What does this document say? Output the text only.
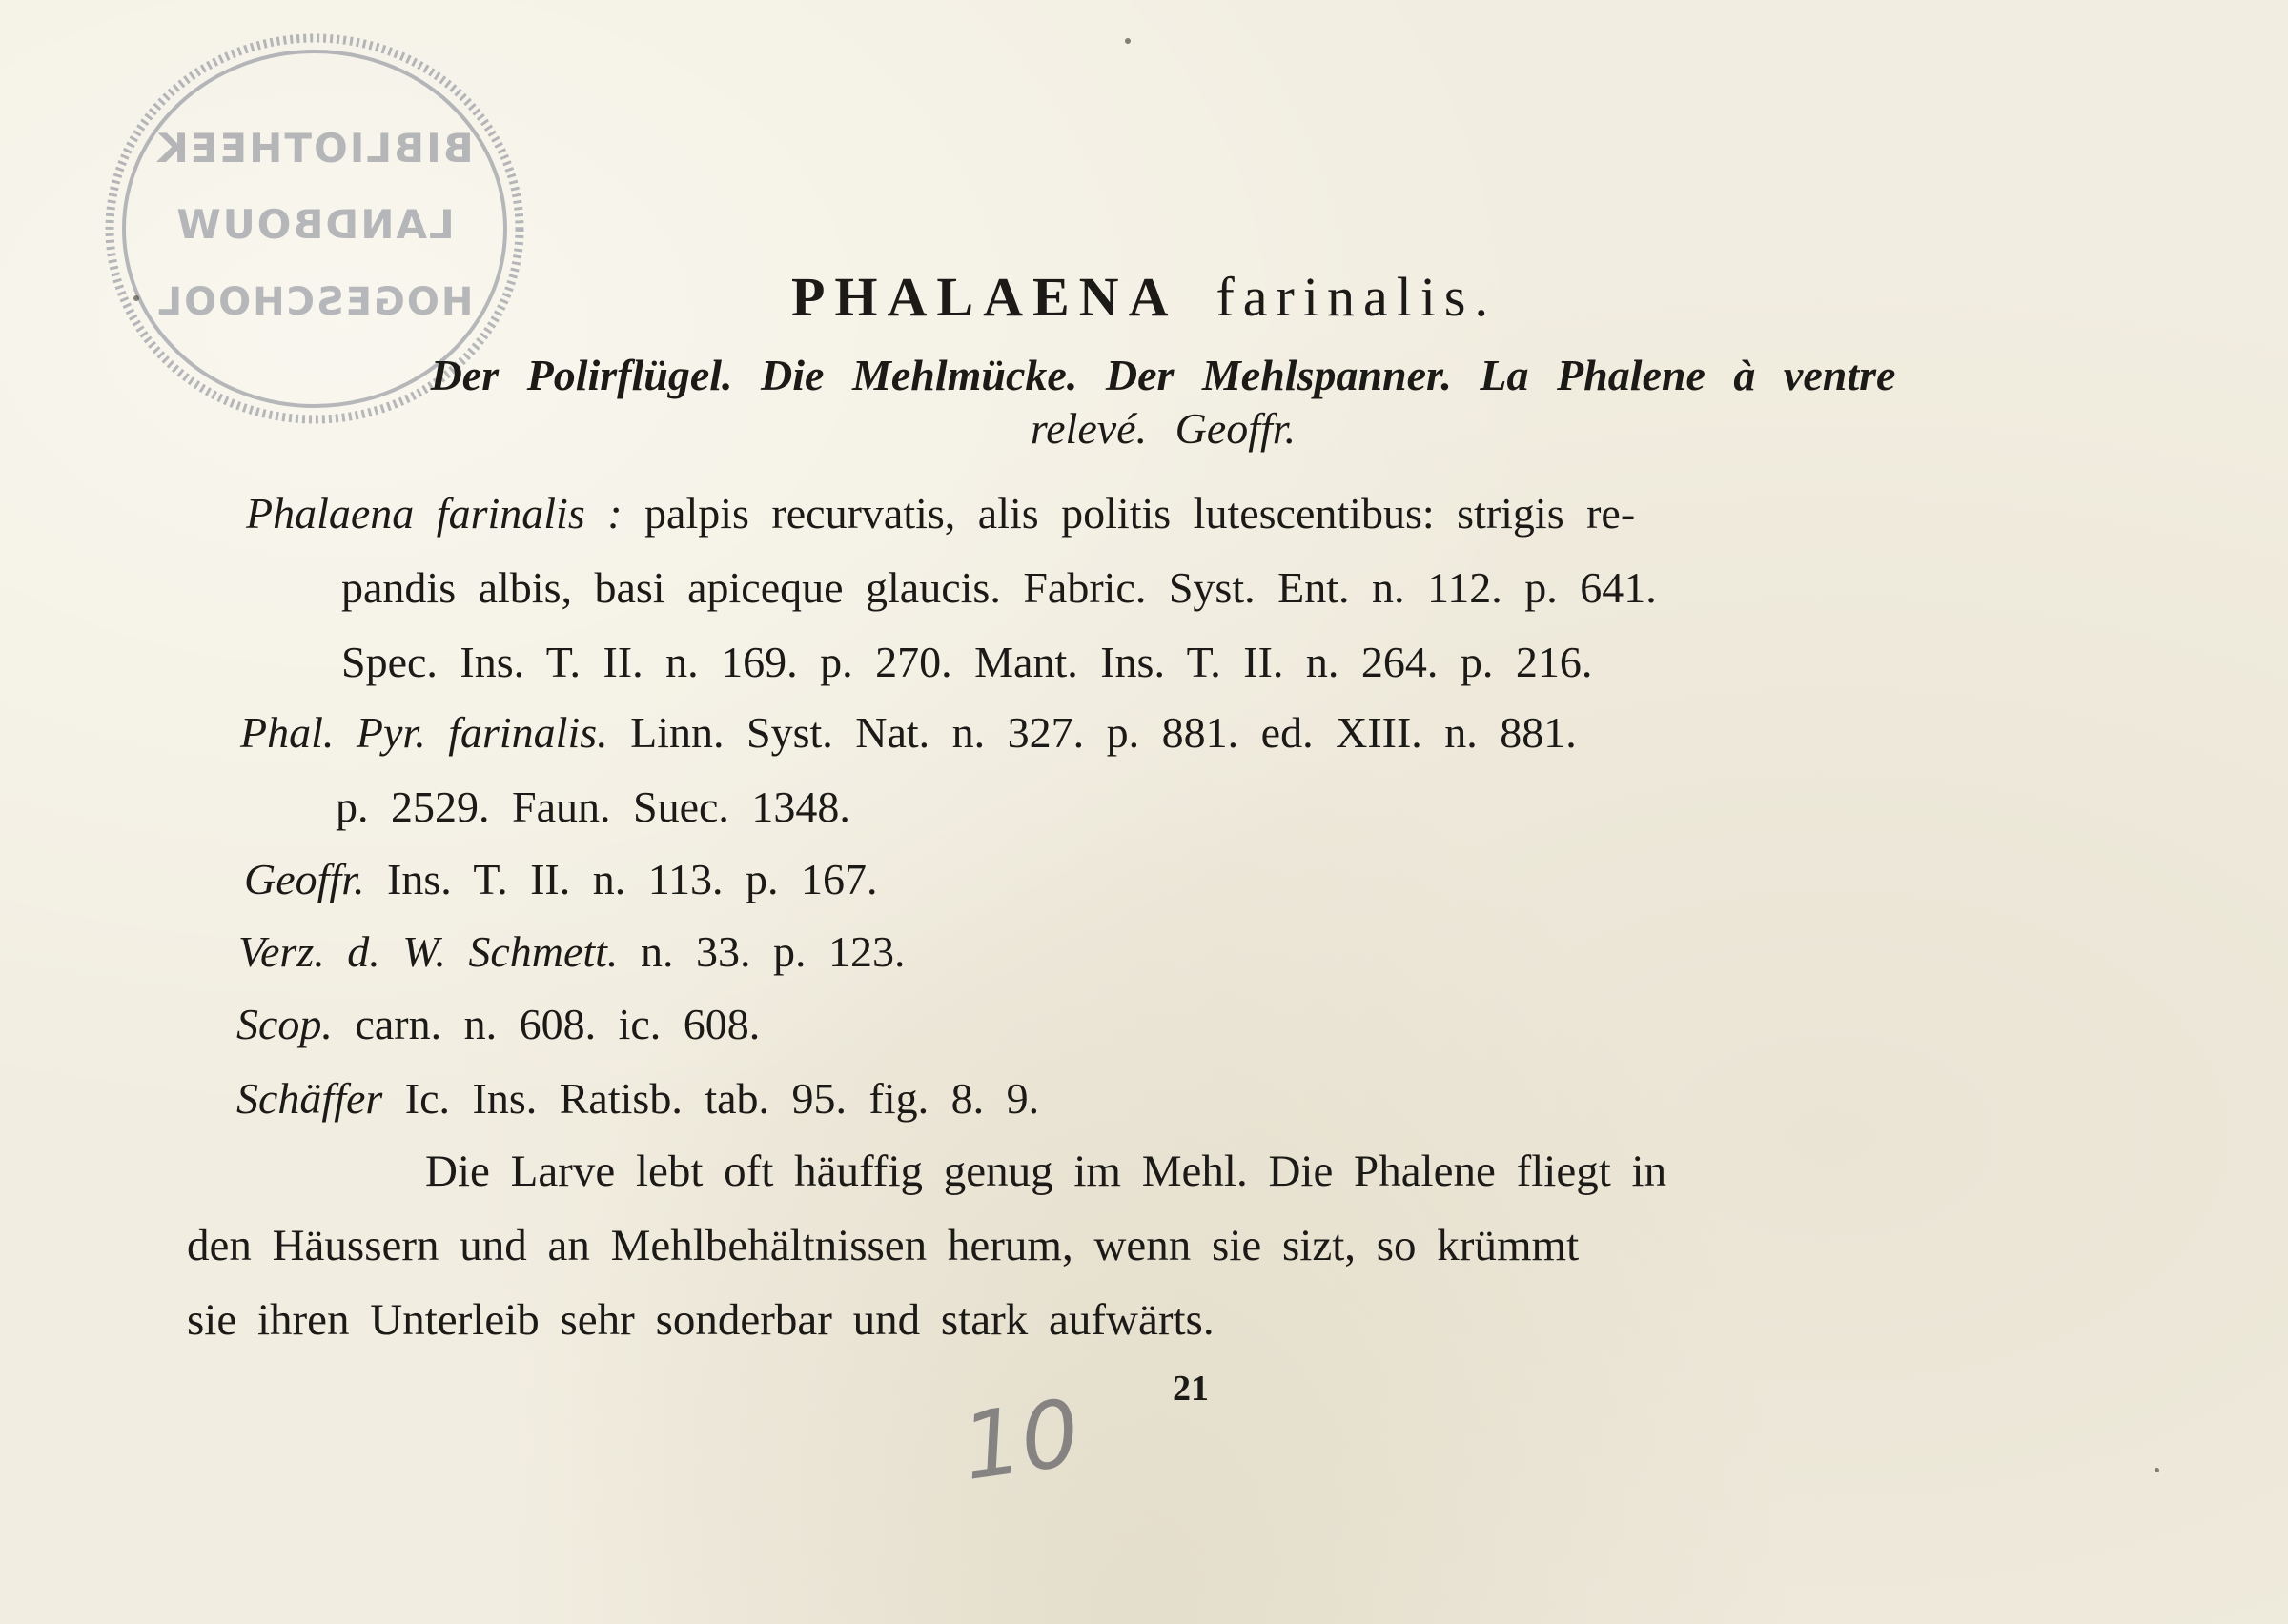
BIBLIOTHEEK
LANDBOUW
HOGESCHOOL	PHALAENA farinalis.
Der Polirflügel. Die Mehlmücke. Der Mehlspanner. La Phalene à ventre
relevé. Geoffr.
Phalaena farinalis : palpis recurvatis, alis politis lutescentibus: strigis re-
pandis albis, basi apiceque glaucis. Fabric. Syst. Ent. n. 112. p. 641.
Spec. Ins. T. II. n. 169. p. 270. Mant. Ins. T. II. n. 264. p. 216.
Phal. Pyr. farinalis. Linn. Syst. Nat. n. 327. p. 881. ed. XIII. n. 881.
p. 2529. Faun. Suec. 1348.
Geoffr. Ins. T. II. n. 113. p. 167.
Verz. d. W. Schmett. n. 33. p. 123.
Scop. carn. n. 608. ic. 608.
Schäffer Ic. Ins. Ratisb. tab. 95. fig. 8. 9.
Die Larve lebt oft häuffig genug im Mehl. Die Phalene fliegt in
den Häussern und an Mehlbehältnissen herum, wenn sie sizt, so krümmt
sie ihren Unterleib sehr sonderbar und stark aufwärts.
21
10
